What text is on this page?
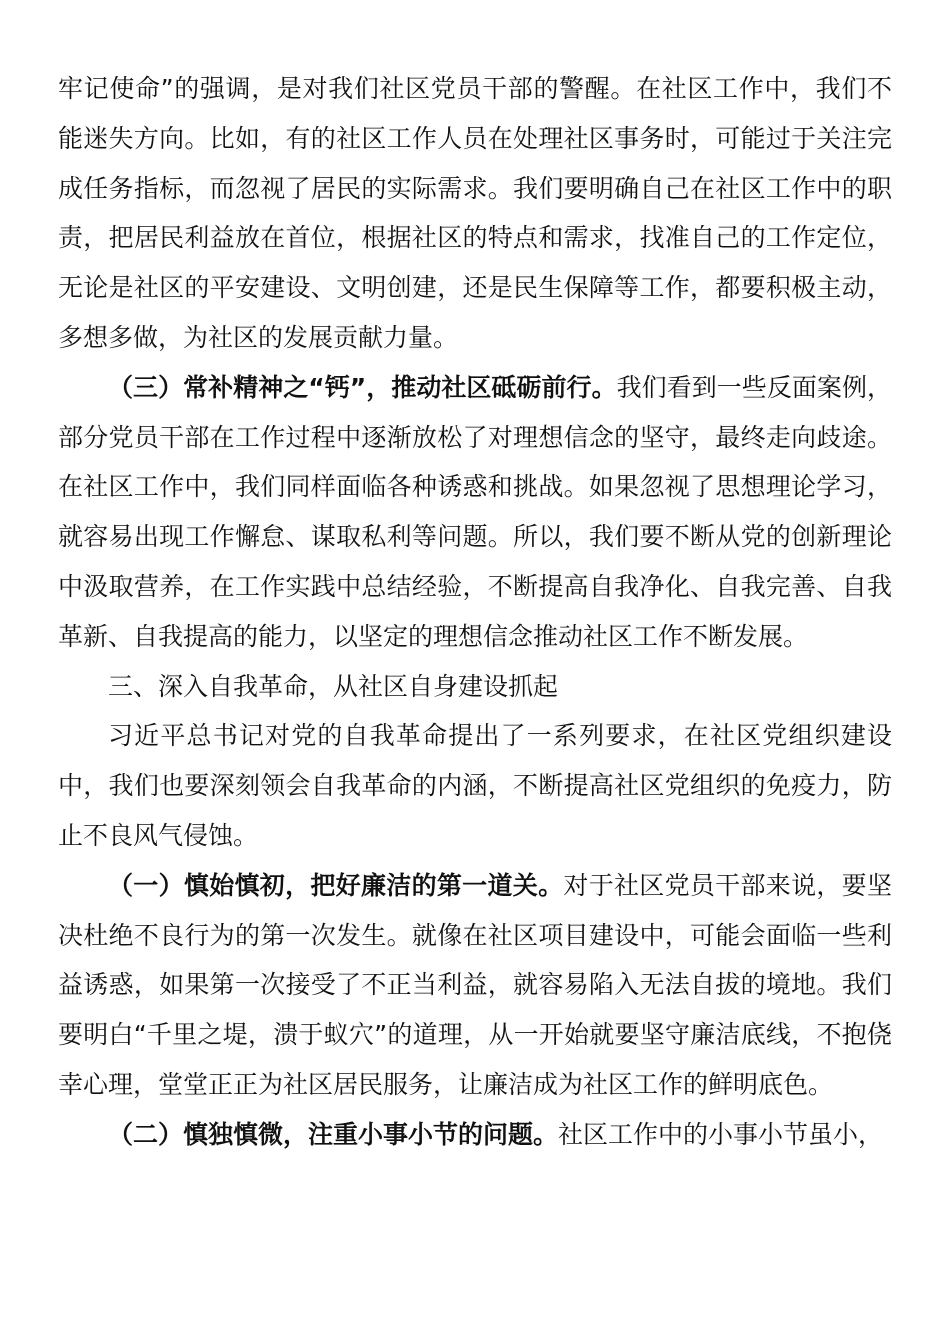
牢记使命”的强调，是对我们社区党员干部的警醒。在社区工作中，我们不能迷失方向。比如，有的社区工作人员在处理社区事务时，可能过于关注完成任务指标，而忽视了居民的实际需求。我们要明确自己在社区工作中的职责，把居民利益放在首位，根据社区的特点和需求，找准自己的工作定位，无论是社区的平安建设、文明创建，还是民生保障等工作，都要积极主动，多想多做，为社区的发展贡献力量。

（三）常补精神之“钙”，推动社区砥砺前行。我们看到一些反面案例，部分党员干部在工作过程中逐渐放松了对理想信念的坚守，最终走向歧途。在社区工作中，我们同样面临各种诱惑和挑战。如果忽视了思想理论学习，就容易出现工作懈怠、谋取私利等问题。所以，我们要不断从党的创新理论中汲取营养，在工作实践中总结经验，不断提高自我净化、自我完善、自我革新、自我提高的能力，以坚定的理想信念推动社区工作不断发展。

三、深入自我革命，从社区自身建设抓起

习近平总书记对党的自我革命提出了一系列要求，在社区党组织建设中，我们也要深刻领会自我革命的内涵，不断提高社区党组织的免疫力，防止不良风气侵蚀。

（一）慎始慎初，把好廉洁的第一道关。对于社区党员干部来说，要坚决杜绝不良行为的第一次发生。就像在社区项目建设中，可能会面临一些利益诱惑，如果第一次接受了不正当利益，就容易陷入无法自拔的境地。我们要明白“千里之堤，溃于蚁穴”的道理，从一开始就要坚守廉洁底线，不抱侥幸心理，堂堂正正为社区居民服务，让廉洁成为社区工作的鲜明底色。

（二）慎独慎微，注重小事小节的问题。社区工作中的小事小节虽小，
